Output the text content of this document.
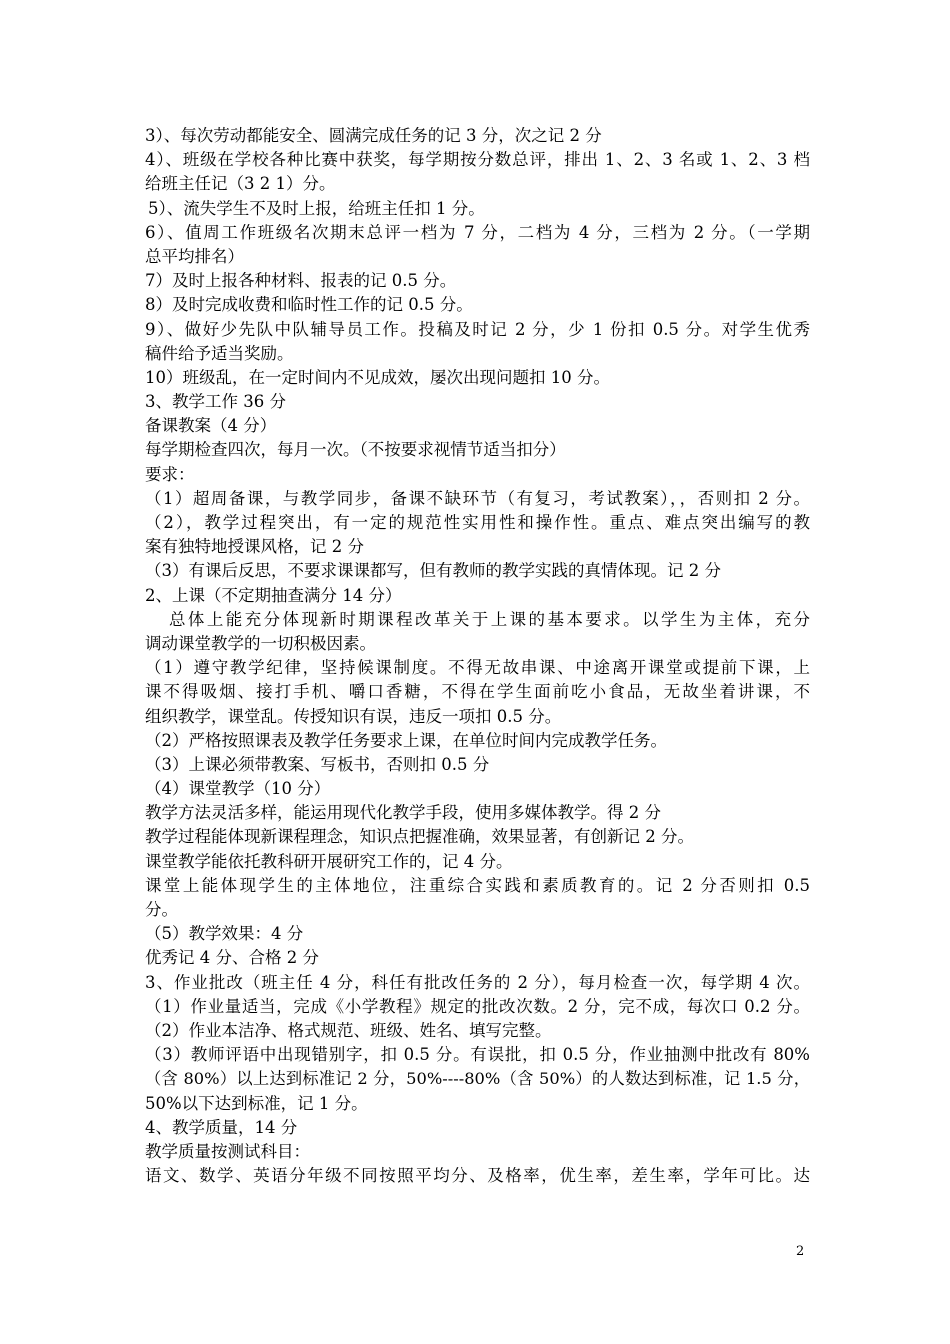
3）、每次劳动都能安全、圆满完成任务的记 3 分，次之记 2 分
4）、班级在学校各种比赛中获奖，每学期按分数总评，排出 1、2、3 名或 1、2、3 档
给班主任记（3 2 1）分。
5）、流失学生不及时上报，给班主任扣 1 分。
6）、值周工作班级名次期末总评一档为 7 分，二档为 4 分，三档为 2 分。（一学期
总平均排名）
7）及时上报各种材料、报表的记 0.5 分。
8）及时完成收费和临时性工作的记 0.5 分。
9）、做好少先队中队辅导员工作。投稿及时记 2 分，少 1 份扣 0.5 分。对学生优秀
稿件给予适当奖励。
10）班级乱，在一定时间内不见成效，屡次出现问题扣 10 分。
3、教学工作 36 分
备课教案（4 分）
每学期检查四次，每月一次。（不按要求视情节适当扣分）
要求：
（1）超周备课，与教学同步，备课不缺环节（有复习，考试教案），，否则扣 2 分。
（2），教学过程突出，有一定的规范性实用性和操作性。重点、难点突出编写的教
案有独特地授课风格，记 2 分
（3）有课后反思，不要求课课都写，但有教师的教学实践的真情体现。记 2 分
2、上课（不定期抽查满分 14 分）
总体上能充分体现新时期课程改革关于上课的基本要求。以学生为主体，充分
调动课堂教学的一切积极因素。
（1）遵守教学纪律，坚持候课制度。不得无故串课、中途离开课堂或提前下课，上
课不得吸烟、接打手机、嚼口香糖，不得在学生面前吃小食品，无故坐着讲课，不
组织教学，课堂乱。传授知识有误，违反一项扣 0.5 分。
（2）严格按照课表及教学任务要求上课，在单位时间内完成教学任务。
（3）上课必须带教案、写板书，否则扣 0.5 分
（4）课堂教学（10 分）
教学方法灵活多样，能运用现代化教学手段，使用多媒体教学。得 2 分
教学过程能体现新课程理念，知识点把握准确，效果显著，有创新记 2 分。
课堂教学能依托教科研开展研究工作的，记 4 分。
课堂上能体现学生的主体地位，注重综合实践和素质教育的。记 2 分否则扣 0.5
分。
（5）教学效果：4 分
优秀记 4 分、合格 2 分
3、作业批改（班主任 4 分，科任有批改任务的 2 分），每月检查一次，每学期 4 次。
（1）作业量适当，完成《小学教程》规定的批改次数。2 分，完不成，每次口 0.2 分。
（2）作业本洁净、格式规范、班级、姓名、填写完整。
（3）教师评语中出现错别字，扣 0.5 分。有误批，扣 0.5 分，作业抽测中批改有 80%
（含 80%）以上达到标准记 2 分，50%----80%（含 50%）的人数达到标准，记 1.5 分，
50%以下达到标准，记 1 分。
4、教学质量，14 分
教学质量按测试科目：
语文、数学、英语分年级不同按照平均分、及格率，优生率，差生率，学年可比。达
2
